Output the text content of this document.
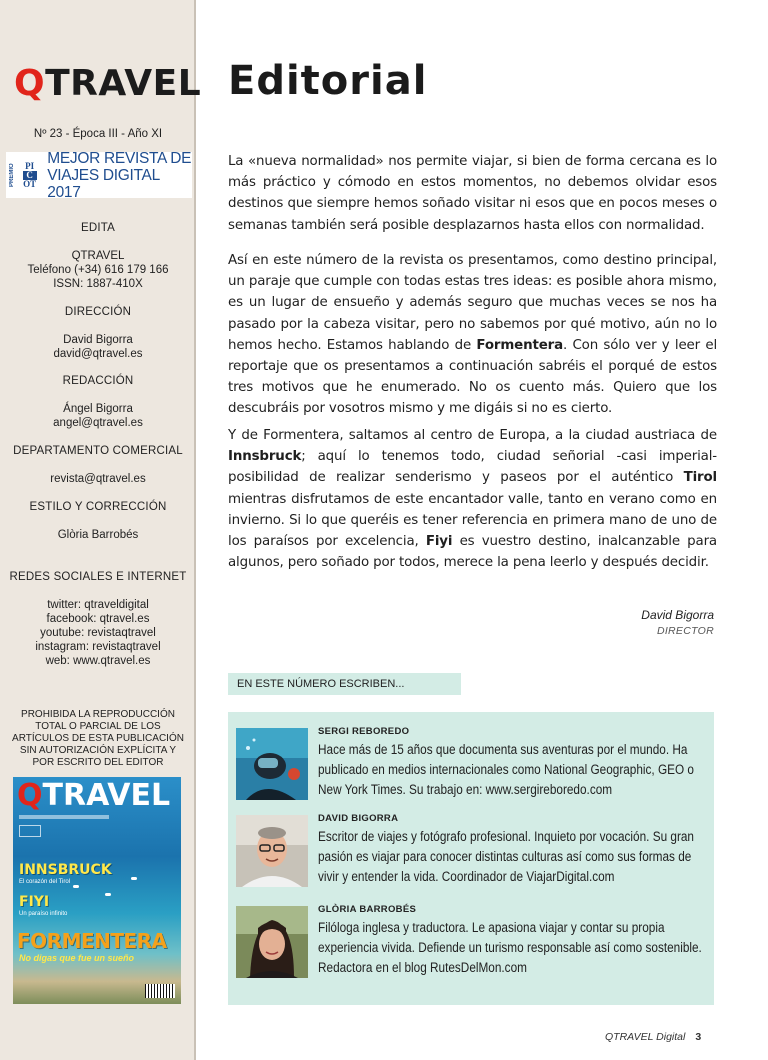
QTRAVEL
Nº 23 - Época III - Año XI
PREMIO PI
C
OT
MEJOR REVISTA DE
VIAJES DIGITAL 2017
EDITA
QTRAVEL
Teléfono (+34) 616 179 166
ISSN: 1887-410X
DIRECCIÓN
David Bigorra
david@qtravel.es
REDACCIÓN
Ángel Bigorra
angel@qtravel.es
DEPARTAMENTO COMERCIAL
revista@qtravel.es
ESTILO Y CORRECCIÓN
Glòria Barrobés
REDES SOCIALES E INTERNET
twitter: qtraveldigital
facebook: qtravel.es
youtube: revistaqtravel
instagram: revistaqtravel
web: www.qtravel.es
PROHIBIDA LA REPRODUCCIÓN
TOTAL O PARCIAL DE LOS
ARTÍCULOS DE ESTA PUBLICACIÓN
SIN AUTORIZACIÓN EXPLÍCITA Y
POR ESCRITO DEL EDITOR
QTRAVEL
INNSBRUCK
El corazón del Tirol
FIYI
Un paraíso infinito
FORMENTERA
No digas que fue un sueño
Editorial

La «nueva normalidad» nos permite viajar, si bien de forma cercana es lo más práctico y cómodo en estos momentos, no debemos olvidar esos destinos que siempre hemos soñado visitar ni esos que en pocos meses o semanas también será posible desplazarnos hasta ellos con normalidad.

Así en este número de la revista os presentamos, como destino principal, un paraje que cumple con todas estas tres ideas: es posible ahora mismo, es un lugar de ensueño y además seguro que muchas veces se nos ha pasado por la cabeza visitar, pero no sabemos por qué motivo, aún no lo hemos hecho. Estamos hablando de Formentera. Con sólo ver y leer el reportaje que os presentamos a continuación sabréis el porqué de estos tres motivos que he enumerado. No os cuento más. Quiero que los descubráis por vosotros mismo y me digáis si no es cierto.

Y de Formentera, saltamos al centro de Europa, a la ciudad austriaca de Innsbruck; aquí lo tenemos todo, ciudad señorial -casi imperial- posibilidad de realizar senderismo y paseos por el auténtico Tirol mientras disfrutamos de este encantador valle, tanto en verano como en invierno. Si lo que queréis es tener referencia en primera mano de uno de los paraísos por excelencia, Fiyi es vuestro destino, inalcanzable para algunos, pero soñado por todos, merece la pena leerlo y después decidir.

David Bigorra
DIRECTOR
EN ESTE NÚMERO ESCRIBEN...
SERGI REBOREDO
Hace más de 15 años que documenta sus aventuras por el mundo. Ha publicado en medios internacionales como National Geographic, GEO o New York Times. Su trabajo en: www.sergireboredo.com
DAVID BIGORRA
Escritor de viajes y fotógrafo profesional. Inquieto por vocación. Su gran pasión es viajar para conocer distintas culturas así como sus formas de vivir y entender la vida. Coordinador de ViajarDigital.com
GLÒRIA BARROBÉS
Filóloga inglesa y traductora. Le apasiona viajar y contar su propia experiencia vivida. Defiende un turismo responsable así como sostenible. Redactora en el blog RutesDelMon.com
QTRAVEL Digital 3
